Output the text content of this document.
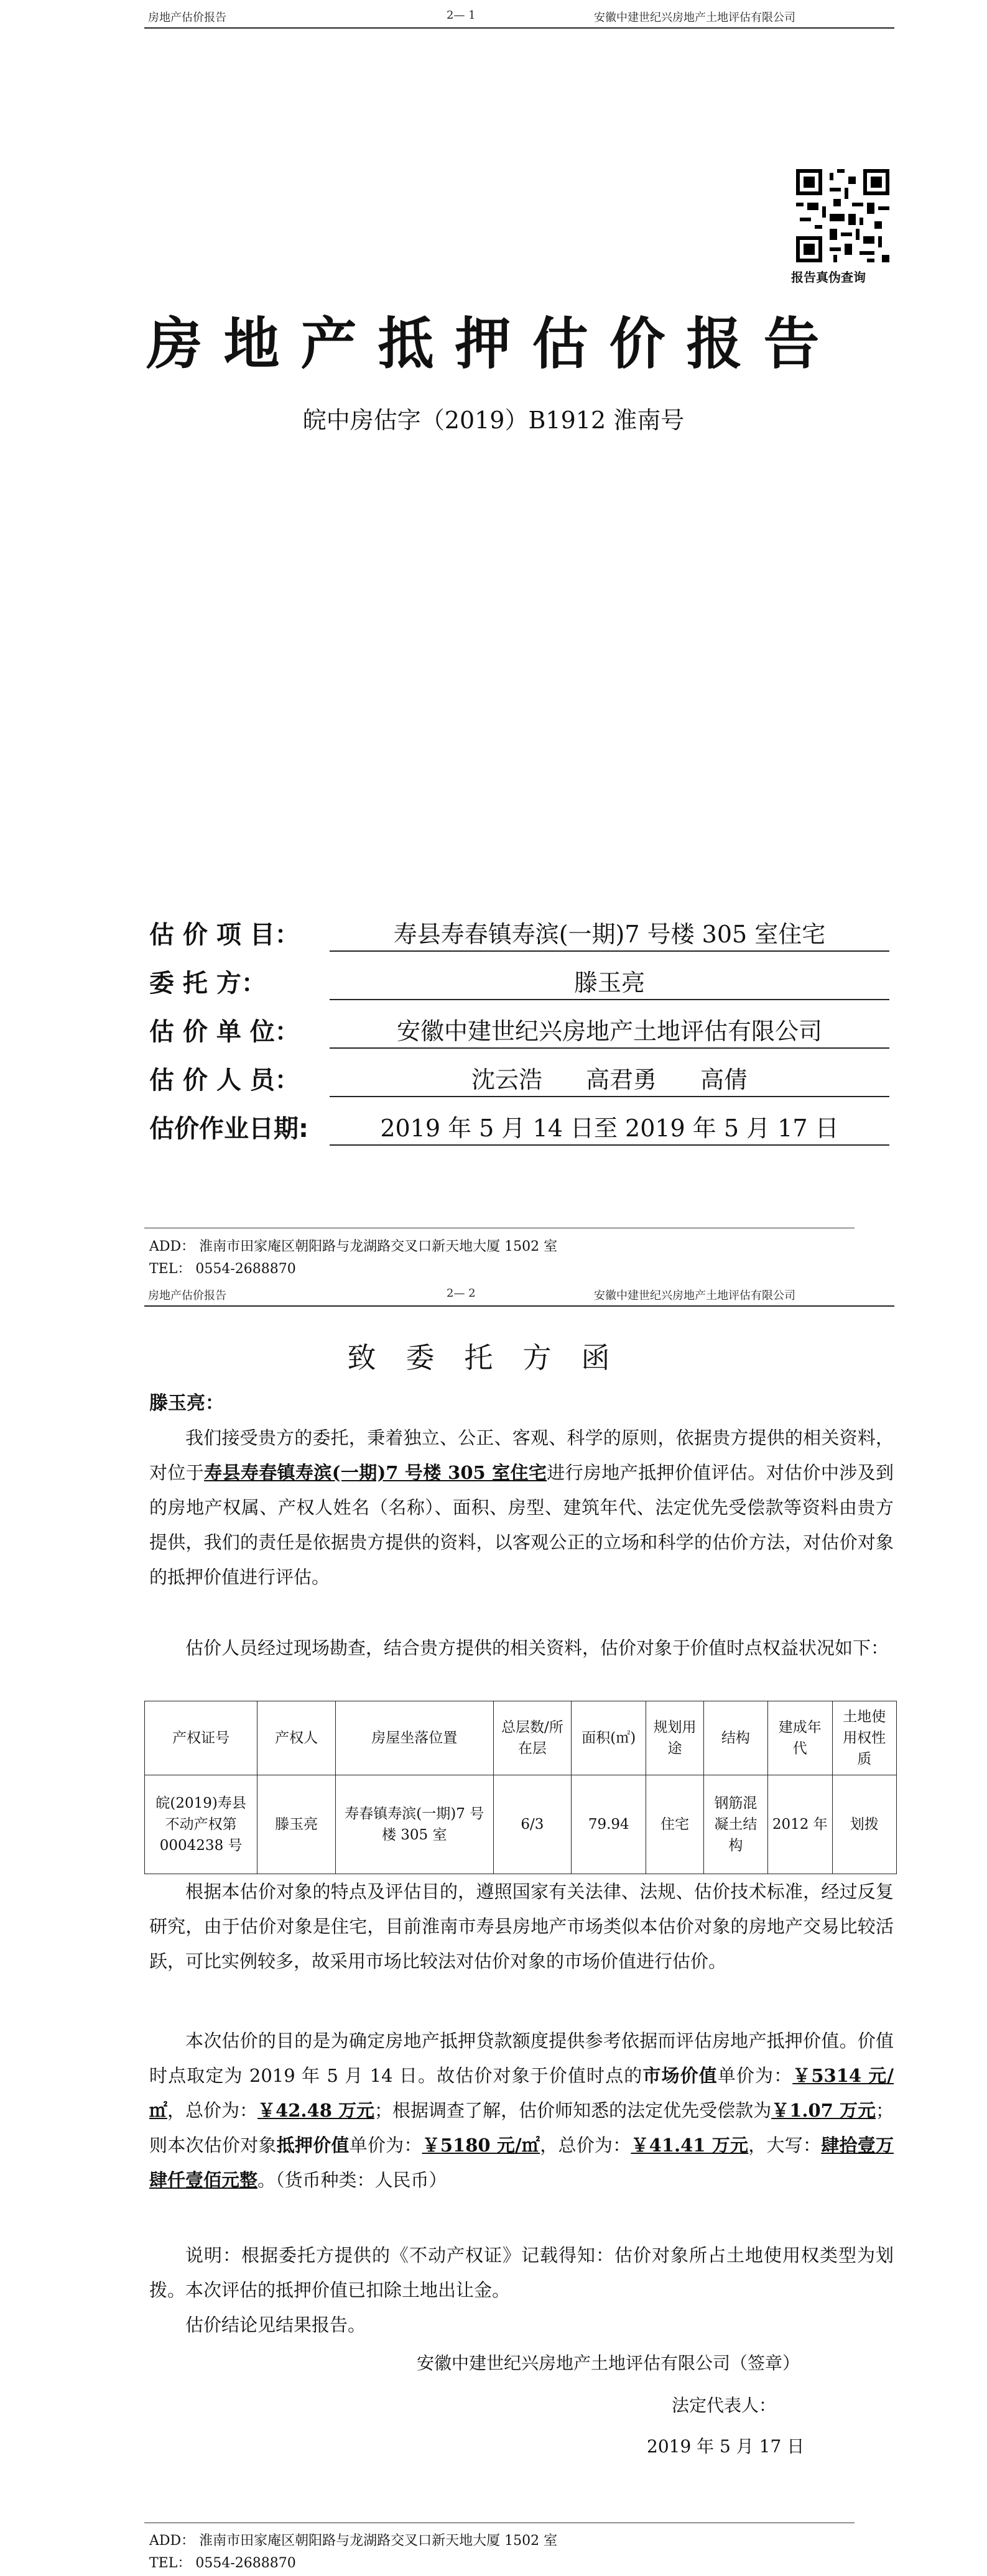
房地产估价报告	2— 1	安徽中建世纪兴房地产土地评估有限公司
报告真伪查询
房地产抵押估价报告
皖中房估字（2019）B1912 淮南号
估 价 项 目：	寿县寿春镇寿滨(一期)7 号楼 305 室住宅
委 托 方：	滕玉亮
估 价 单 位：	安徽中建世纪兴房地产土地评估有限公司
估 价 人 员：	沈云浩 高君勇 高倩
估价作业日期:	2019 年 5 月 14 日至 2019 年 5 月 17 日
ADD： 淮南市田家庵区朝阳路与龙湖路交叉口新天地大厦 1502 室
TEL： 0554-2688870
房地产估价报告	2— 2	安徽中建世纪兴房地产土地评估有限公司
致委托方函
滕玉亮：
我们接受贵方的委托，秉着独立、公正、客观、科学的原则，依据贵方提供的相关资料，对位于寿县寿春镇寿滨(一期)7 号楼 305 室住宅进行房地产抵押价值评估。对估价中涉及到的房地产权属、产权人姓名（名称）、面积、房型、建筑年代、法定优先受偿款等资料由贵方提供，我们的责任是依据贵方提供的资料，以客观公正的立场和科学的估价方法，对估价对象的抵押价值进行评估。
估价人员经过现场勘查，结合贵方提供的相关资料，估价对象于价值时点权益状况如下：
产权证号	产权人	房屋坐落位置	总层数/所在层	面积(㎡)	规划用途	结构	建成年代	土地使用权性质
皖(2019)寿县不动产权第 0004238 号	滕玉亮	寿春镇寿滨(一期)7 号楼 305 室	6/3	79.94	住宅	钢筋混凝土结构	2012 年	划拨
根据本估价对象的特点及评估目的，遵照国家有关法律、法规、估价技术标准，经过反复研究，由于估价对象是住宅，目前淮南市寿县房地产市场类似本估价对象的房地产交易比较活跃，可比实例较多，故采用市场比较法对估价对象的市场价值进行估价。
本次估价的目的是为确定房地产抵押贷款额度提供参考依据而评估房地产抵押价值。价值时点取定为 2019 年 5 月 14 日。故估价对象于价值时点的市场价值单价为：￥5314 元/㎡，总价为：￥42.48 万元；根据调查了解，估价师知悉的法定优先受偿款为￥1.07 万元；则本次估价对象抵押价值单价为：￥5180 元/㎡，总价为：￥41.41 万元，大写：肆拾壹万肆仟壹佰元整。（货币种类：人民币）
说明：根据委托方提供的《不动产权证》记载得知：估价对象所占土地使用权类型为划拨。本次评估的抵押价值已扣除土地出让金。
估价结论见结果报告。
安徽中建世纪兴房地产土地评估有限公司（签章）
法定代表人：
2019 年 5 月 17 日
ADD： 淮南市田家庵区朝阳路与龙湖路交叉口新天地大厦 1502 室
TEL： 0554-2688870
